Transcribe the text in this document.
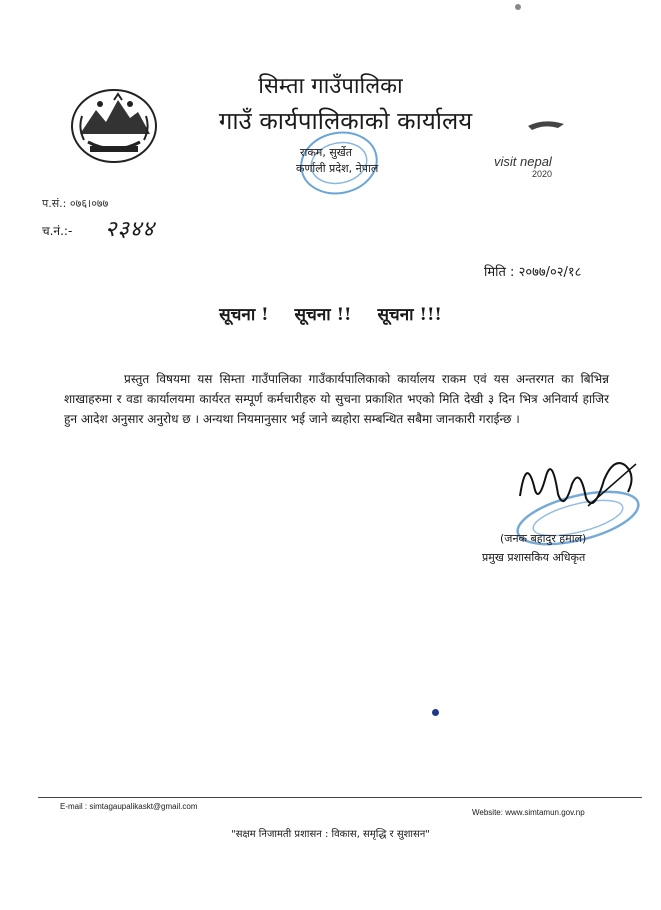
सिम्ता गाउँपालिका
गाउँ कार्यपालिकाको कार्यालय
राकम, सुर्खेत
कर्णाली प्रदेश, नेपाल	visit nepal
2020
प.सं.: ०७६।०७७
च.नं.:- २३४४
मिति : २०७७/०२/१८
सूचना ! सूचना !! सूचना !!!
प्रस्तुत विषयमा यस सिम्ता गाउँपालिका गाउँकार्यपालिकाको कार्यालय राकम एवं यस अन्तरगत का बिभिन्न शाखाहरुमा र वडा कार्यालयमा कार्यरत सम्पूर्ण कर्मचारीहरु यो सुचना प्रकाशित भएको मिति देखी ३ दिन भित्र अनिवार्य हाजिर हुन आदेश अनुसार अनुरोध छ । अन्यथा नियमानुसार भई जाने ब्यहोरा सम्बन्धित सबैमा जानकारी गराईन्छ ।
(जनक बहादुर हमाल)
प्रमुख प्रशासकिय अधिकृत
E-mail : simtagaupalikaskt@gmail.com
Website: www.simtamun.gov.np
"सक्षम निजामती प्रशासन : विकास, समृद्धि र सुशासन"
